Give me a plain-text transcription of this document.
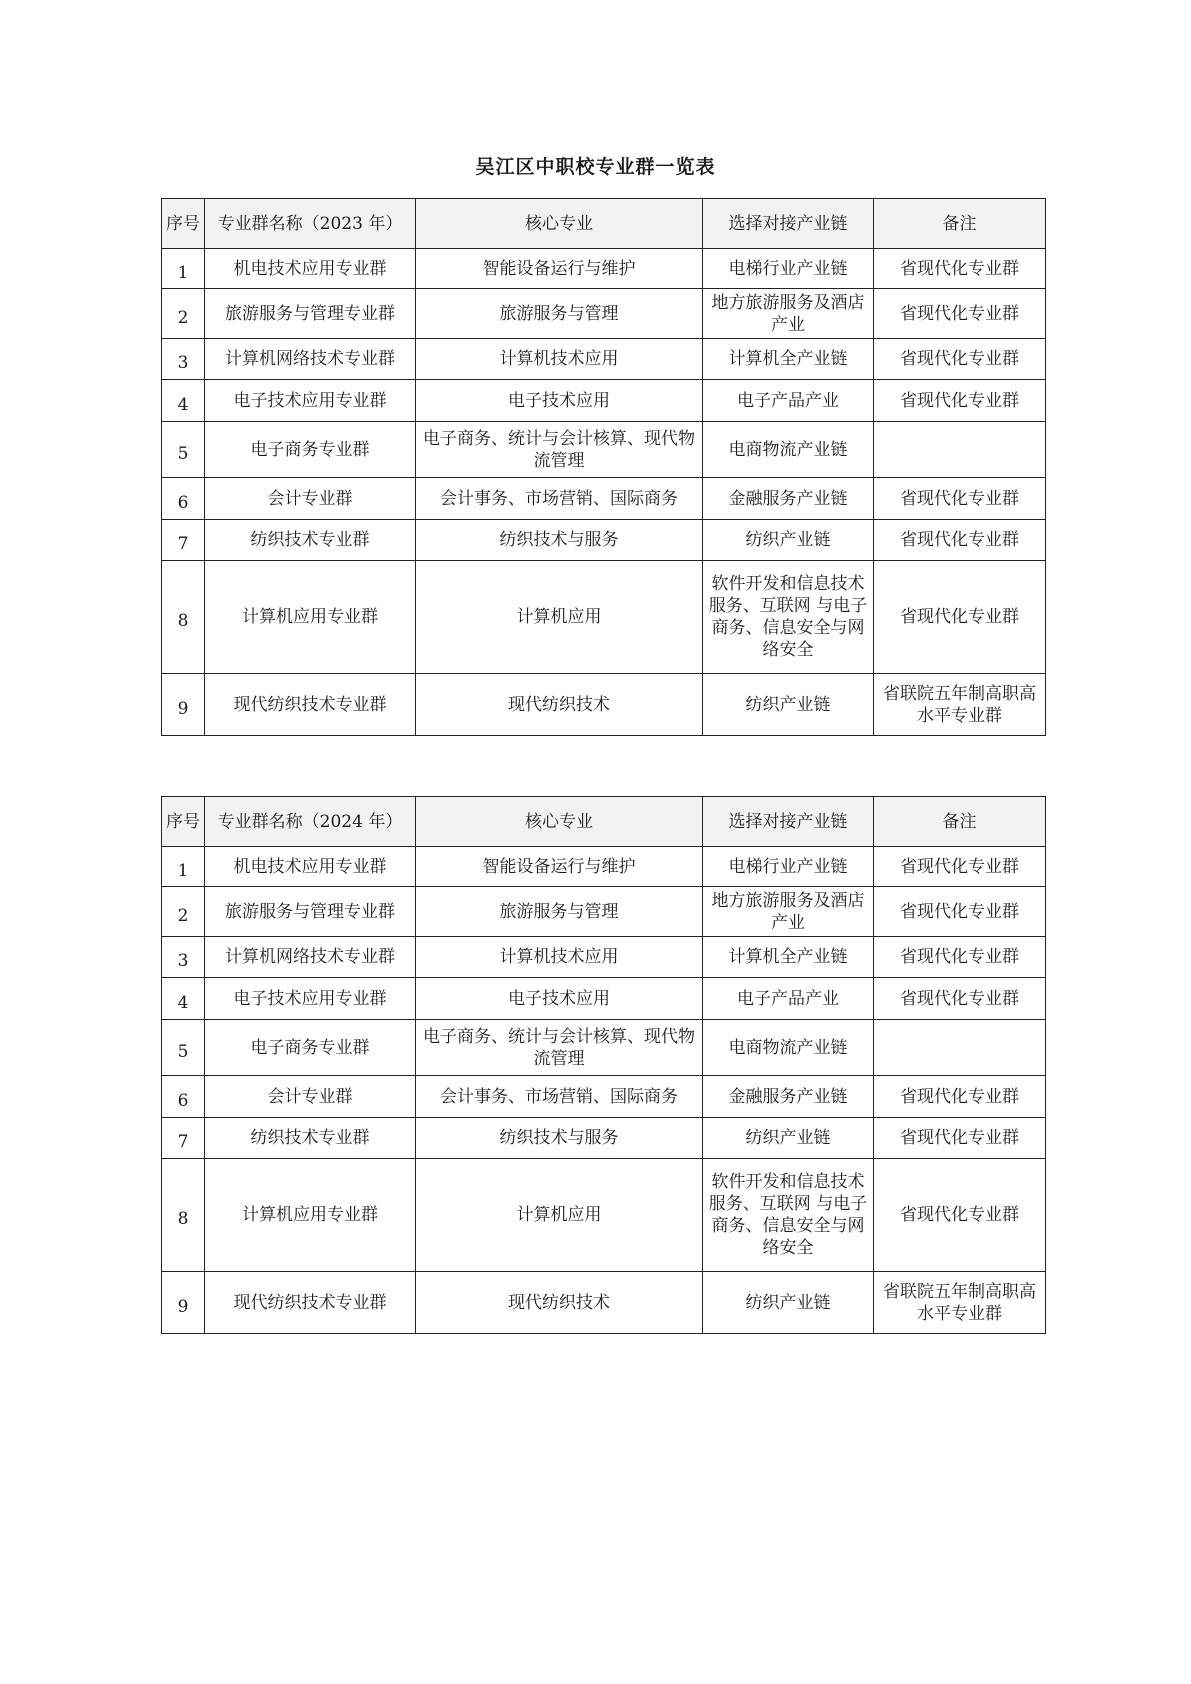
吴江区中职校专业群一览表
序号	专业群名称（2023 年）	核心专业	选择对接产业链	备注
1	机电技术应用专业群	智能设备运行与维护	电梯行业产业链	省现代化专业群
2	旅游服务与管理专业群	旅游服务与管理	地方旅游服务及酒店产业	省现代化专业群
3	计算机网络技术专业群	计算机技术应用	计算机全产业链	省现代化专业群
4	电子技术应用专业群	电子技术应用	电子产品产业	省现代化专业群
5	电子商务专业群	电子商务、统计与会计核算、现代物流管理	电商物流产业链	
6	会计专业群	会计事务、市场营销、国际商务	金融服务产业链	省现代化专业群
7	纺织技术专业群	纺织技术与服务	纺织产业链	省现代化专业群
8	计算机应用专业群	计算机应用	软件开发和信息技术服务、互联网 与电子商务、信息安全与网络安全	省现代化专业群
9	现代纺织技术专业群	现代纺织技术	纺织产业链	省联院五年制高职高水平专业群
序号	专业群名称（2024 年）	核心专业	选择对接产业链	备注
1	机电技术应用专业群	智能设备运行与维护	电梯行业产业链	省现代化专业群
2	旅游服务与管理专业群	旅游服务与管理	地方旅游服务及酒店产业	省现代化专业群
3	计算机网络技术专业群	计算机技术应用	计算机全产业链	省现代化专业群
4	电子技术应用专业群	电子技术应用	电子产品产业	省现代化专业群
5	电子商务专业群	电子商务、统计与会计核算、现代物流管理	电商物流产业链	
6	会计专业群	会计事务、市场营销、国际商务	金融服务产业链	省现代化专业群
7	纺织技术专业群	纺织技术与服务	纺织产业链	省现代化专业群
8	计算机应用专业群	计算机应用	软件开发和信息技术服务、互联网 与电子商务、信息安全与网络安全	省现代化专业群
9	现代纺织技术专业群	现代纺织技术	纺织产业链	省联院五年制高职高水平专业群
